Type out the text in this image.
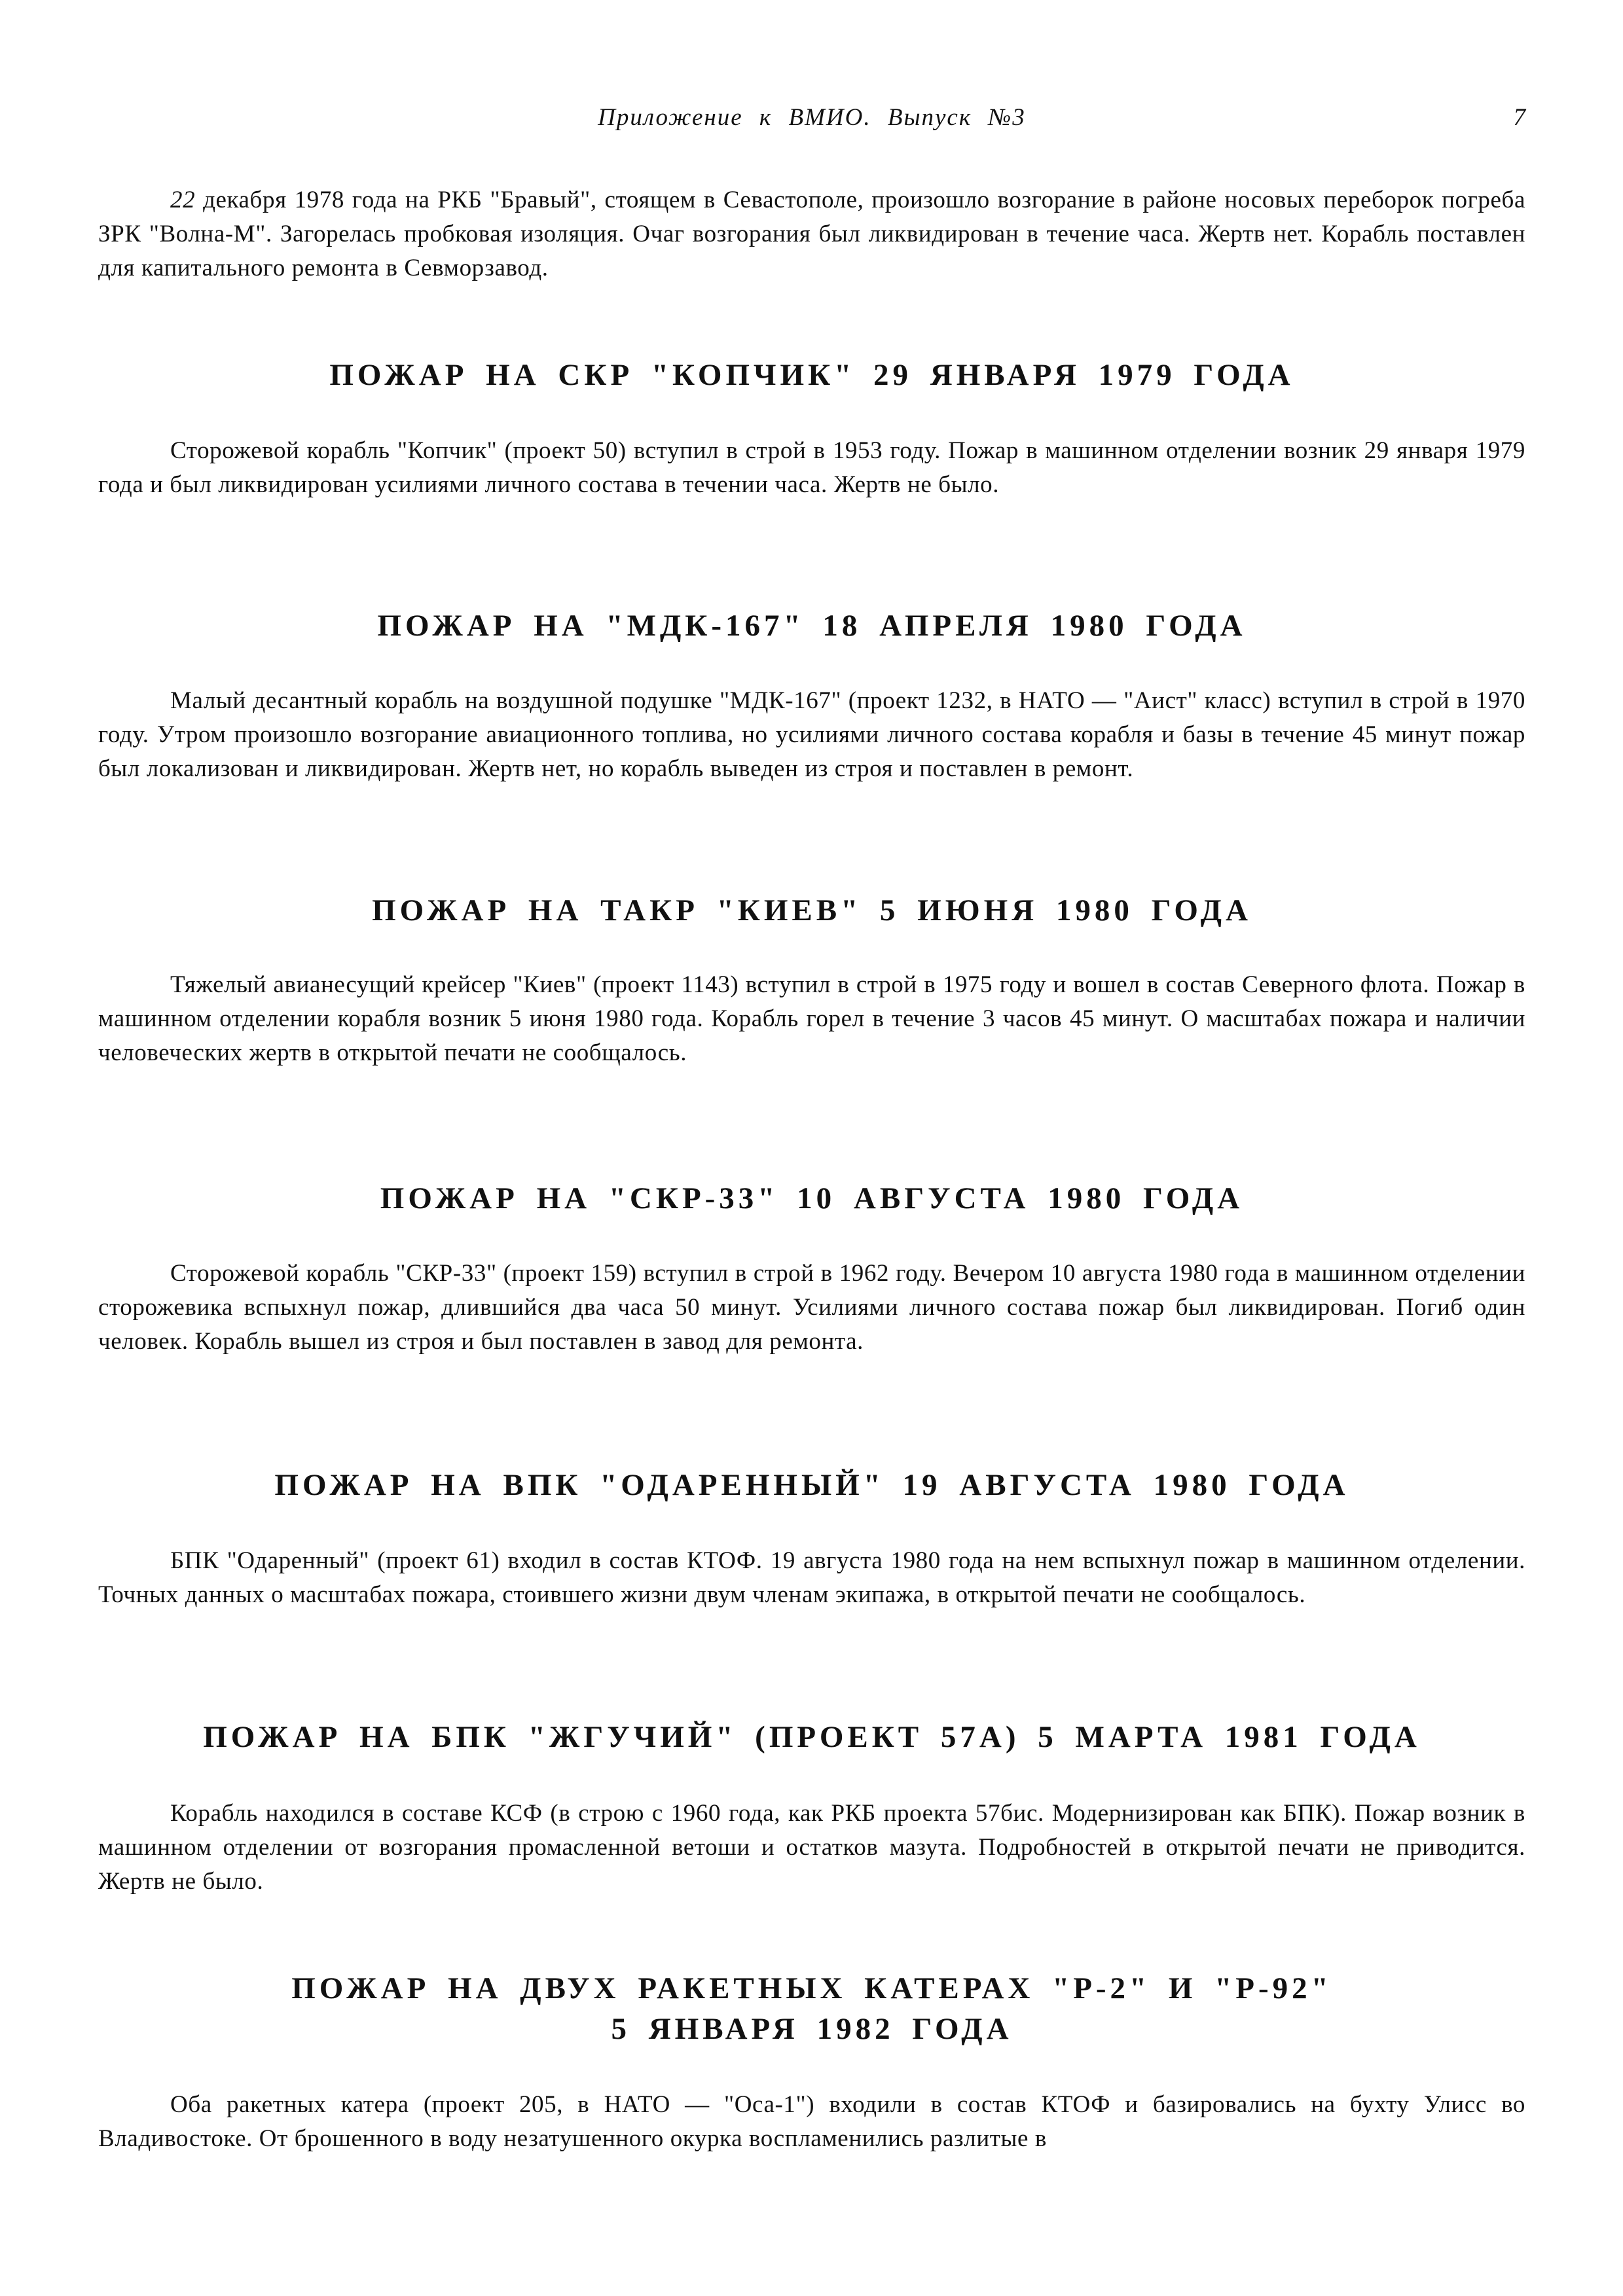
Приложение к ВМИО. Выпуск №3	7

22 декабря 1978 года на РКБ "Бравый", стоящем в Севастополе, произошло возгорание в районе носовых переборок погреба ЗРК "Волна-М". Загорелась пробковая изоляция. Очаг возгорания был ликвидирован в течение часа. Жертв нет. Корабль поставлен для капитального ремонта в Севморзавод.

ПОЖАР НА СКР "КОПЧИК" 29 ЯНВАРЯ 1979 ГОДА

Сторожевой корабль "Копчик" (проект 50) вступил в строй в 1953 году. Пожар в машинном отделении возник 29 января 1979 года и был ликвидирован усилиями личного состава в течении часа. Жертв не было.

ПОЖАР НА "МДК-167" 18 АПРЕЛЯ 1980 ГОДА

Малый десантный корабль на воздушной подушке "МДК-167" (проект 1232, в НАТО — "Аист" класс) вступил в строй в 1970 году. Утром произошло возгорание авиационного топлива, но усилиями личного состава корабля и базы в течение 45 минут пожар был локализован и ликвидирован. Жертв нет, но корабль выведен из строя и поставлен в ремонт.

ПОЖАР НА ТАКР "КИЕВ" 5 ИЮНЯ 1980 ГОДА

Тяжелый авианесущий крейсер "Киев" (проект 1143) вступил в строй в 1975 году и вошел в состав Северного флота. Пожар в машинном отделении корабля возник 5 июня 1980 года. Корабль горел в течение 3 часов 45 минут. О масштабах пожара и наличии человеческих жертв в открытой печати не сообщалось.

ПОЖАР НА "СКР-33" 10 АВГУСТА 1980 ГОДА

Сторожевой корабль "СКР-33" (проект 159) вступил в строй в 1962 году. Вечером 10 августа 1980 года в машинном отделении сторожевика вспыхнул пожар, длившийся два часа 50 минут. Усилиями личного состава пожар был ликвидирован. Погиб один человек. Корабль вышел из строя и был поставлен в завод для ремонта.

ПОЖАР НА ВПК "ОДАРЕННЫЙ" 19 АВГУСТА 1980 ГОДА

БПК "Одаренный" (проект 61) входил в состав КТОФ. 19 августа 1980 года на нем вспыхнул пожар в машинном отделении. Точных данных о масштабах пожара, стоившего жизни двум членам экипажа, в открытой печати не сообщалось.

ПОЖАР НА БПК "ЖГУЧИЙ" (ПРОЕКТ 57А) 5 МАРТА 1981 ГОДА

Корабль находился в составе КСФ (в строю с 1960 года, как РКБ проекта 57бис. Модернизирован как БПК). Пожар возник в машинном отделении от возгорания промасленной ветоши и остатков мазута. Подробностей в открытой печати не приводится. Жертв не было.

ПОЖАР НА ДВУХ РАКЕТНЫХ КАТЕРАХ "Р-2" И "Р-92"
5 ЯНВАРЯ 1982 ГОДА

Оба ракетных катера (проект 205, в НАТО — "Оса-1") входили в состав КТОФ и базировались на бухту Улисс во Владивостоке. От брошенного в воду незатушенного окурка воспламенились разлитые в
